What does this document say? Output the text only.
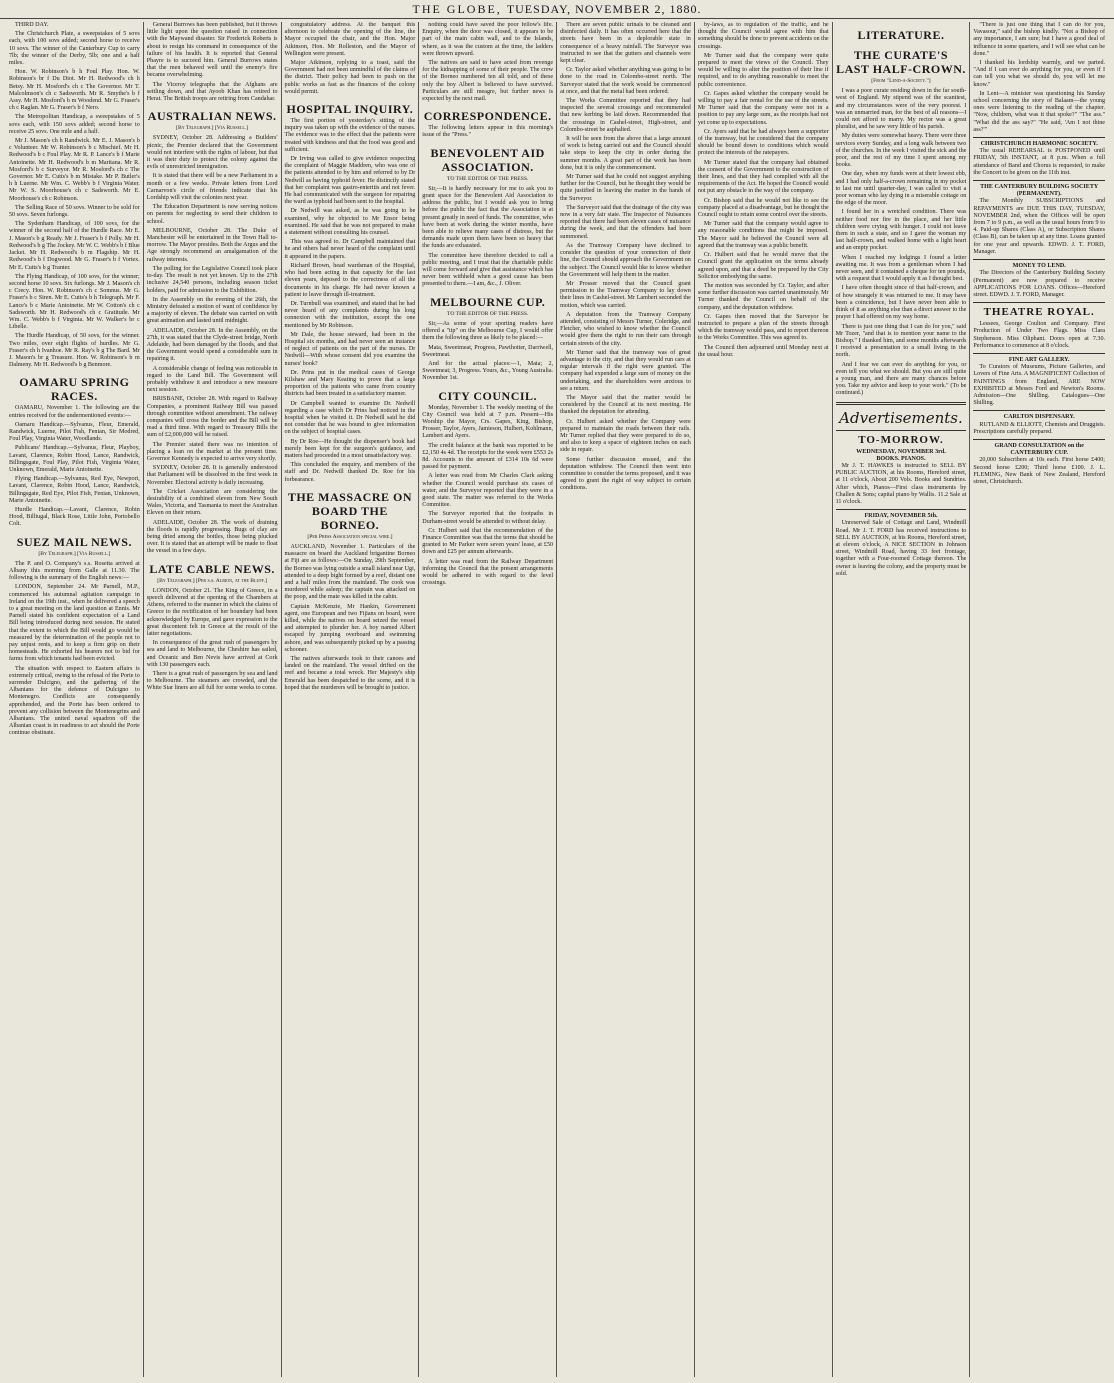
THE GLOBE, TUESDAY, NOVEMBER 2, 1880.

THIRD DAY.

The Christchurch Plate, a sweepstakes of 5 sovs each, with 100 sovs added; second horse to receive 10 sovs. The winner of the Canterbury Cup to carry 7lb; the winner of the Derby, 5lb; one and a half miles.

Hon. W. Robinson's b h Foul Play. Hon. W. Robinson's br f Du Diot. Mr H. Redwood's ch h Betsy. Mr H. Mosford's ch c The Governor. Mr T. Malcolmson's ch c Sadsworth. Mr R. Smythe's b f Assy. Mr H. Mosford's b m Woodend. Mr G. Fraser's ch c Raglan. Mr G. Fraser's b f Nero.

The Metropolitan Handicap, a sweepstakes of 5 sovs each, with 150 sovs added; second horse to receive 25 sovs. One mile and a half.

Mr J. Mason's ch h Randwick. Mr E. J. Mason's b c Volunteer. Mr W. Robinson's b c Mischief. Mr H. Redwood's b c Foul Play. Mr R. P. Lance's b f Marie Antoinette. Mr H. Redwood's b m Maritana. Mr R. Mosford's b c Surveyor. Mr R. Mosford's ch c The Governor. Mr E. Cutts's b m Mistake. Mr P. Butler's h h Luerne. Mr Wm. C. Webb's b f Virginia Water. Mr W. S. Moorhouse's ch c Sadsworth. Mr E. Moorhouse's ch c Robinson.

The Selling Race of 50 sovs. Winner to be sold for 50 sovs. Seven furlongs.

The Sydenham Handicap, of 100 sovs, for the winner of the second half of the Hurdle Race. Mr E. J. Mason's b g Ready. Mr J. Fraser's b f Polly. Mr H. Redwood's b g The Jockey. Mr W. C. Webb's b f Blue Jacket. Mr H. Redwood's b m Flagship. Mr H. Redwood's b f Dogwood. Mr G. Fraser's b f Vortex. Mr E. Cutts's b g Tranter.

The Flying Handicap, of 100 sovs, for the winner; second horse 10 sovs. Six furlongs. Mr J. Mason's ch c Crecy. Hon. W. Robinson's ch c Somnus. Mr G. Fraser's b c Siren. Mr E. Cutts's b h Telegraph. Mr F. Lance's b c Marie Antoinette. Mr W. Cotton's ch c Sadsworth. Mr H. Redwood's ch c Gratitude. Mr Wm. C. Webb's b f Virginia. Mr W. Walker's br c Libelle.

The Hurdle Handicap, of 50 sovs, for the winner. Two miles, over eight flights of hurdles. Mr G. Fraser's ch h Ivanhoe. Mr R. Ray's b g The Bard. Mr J. Mason's br g Treasure. Hon. W. Robinson's b m Dalmeny. Mr H. Redwood's b g Benmore.

OAMARU SPRING RACES.

OAMARU, November 1. The following are the entries received for the undermentioned events:—

Oamaru Handicap.—Sylvanus, Fleur, Emerald, Randwick, Luerne, Pilot Fish, Fenian, Sir Modred, Foul Play, Virginia Water, Woodlands.

Publicans' Handicap.—Sylvanus, Fleur, Playboy, Lavant, Clarence, Robin Hood, Lance, Randwick, Billingsgate, Foul Play, Pilot Fish, Virginia Water, Unknown, Emerald, Marie Antoinette.

Flying Handicap.—Sylvanus, Red Eye, Newport, Lavant, Clarence, Robin Hood, Lance, Randwick, Billingsgate, Red Eye, Pilot Fish, Fenian, Unknown, Marie Antoinette.

Hurdle Handicap.—Lavant, Clarence, Robin Hood, Billiugal, Black Rose, Little John, Portobello Colt.

SUEZ MAIL NEWS.
[By Telegraph.] [Via Russell.]

The P. and O. Company's s.s. Rosetta arrived at Albany this morning from Galle at 11.30. The following is the summary of the English news:—

LONDON, September 24. Mr Parnell, M.P., commenced his autumnal agitation campaign in Ireland on the 19th inst., when he delivered a speech to a great meeting on the land question at Ennis. Mr Parnell stated his confident expectation of a Land Bill being introduced during next session. He stated that the extent to which the Bill would go would be measured by the determination of the people not to pay unjust rents, and to keep a firm grip on their homesteads. He exhorted his hearers not to bid for farms from which tenants had been evicted.

The situation with respect to Eastern affairs is extremely critical, owing to the refusal of the Porte to surrender Dulcigno, and the gathering of the Albanians for the defence of Dulcigno to Montenegro. Conflicts are consequently apprehended, and the Porte has been ordered to prevent any collision between the Montenegrins and Albanians. The united naval squadron off the Albanian coast is in readiness to act should the Porte continue obstinate.

General Burrows has been published, but it throws little light upon the question raised in connection with the Maywand disaster. Sir Frederick Roberts is about to resign his command in consequence of the failure of his health. It is reported that General Phayre is to succeed him. General Burrows states that the men behaved well until the enemy's fire became overwhelming.

The Viceroy telegraphs that the Afghans are settling down, and that Ayoob Khan has retired to Herat. The British troops are retiring from Candahar.

AUSTRALIAN NEWS.
[By Telegraph.] [Via Russell.]

SYDNEY, October 28. Addressing a Builders' picnic, the Premier declared that the Government would not interfere with the rights of labour, but that it was their duty to protect the colony against the evils of unrestricted immigration.

It is stated that there will be a new Parliament in a month or a few weeks. Private letters from Lord Carnarvon's circle of friends indicate that his Lordship will visit the colonies next year.

The Education Department is now serving notices on parents for neglecting to send their children to school.

MELBOURNE, October 28. The Duke of Manchester will be entertained in the Town Hall to-morrow. The Mayor presides. Both the Argus and the Age strongly recommend an amalgamation of the railway interests.

The polling for the Legislative Council took place to-day. The result is not yet known. Up to the 27th inclusive 24,540 persons, including season ticket holders, paid for admission to the Exhibition.

In the Assembly on the evening of the 26th, the Ministry defeated a motion of want of confidence by a majority of eleven. The debate was carried on with great animation and lasted until midnight.

ADELAIDE, October 28. In the Assembly, on the 27th, it was stated that the Clyde-street bridge, North Adelaide, had been damaged by the floods, and that the Government would spend a considerable sum in repairing it.

A considerable change of feeling was noticeable in regard to the Land Bill. The Government will probably withdraw it and introduce a new measure next session.

BRISBANE, October 28. With regard to Railway Companies, a prominent Railway Bill was passed through committee without amendment. The railway companies will cross the border and the Bill will be read a third time. With regard to Treasury Bills the sum of £2,000,000 will be raised.

The Premier stated there was no intention of placing a loan on the market at the present time. Governor Kennedy is expected to arrive very shortly.

SYDNEY, October 28. It is generally understood that Parliament will be dissolved in the first week in November. Electoral activity is daily increasing.

The Cricket Association are considering the desirability of a combined eleven from New South Wales, Victoria, and Tasmania to meet the Australian Eleven on their return.

ADELAIDE, October 28. The work of draining the floods is rapidly progressing. Bugs of clay are being dried among the bottles, those being plucked over. It is stated that an attempt will be made to float the vessel in a few days.

LATE CABLE NEWS.
[By Telegraph.] [Per s.s. Albion, at the Bluff.]

LONDON, October 21. The King of Greece, in a speech delivered at the opening of the Chambers at Athens, referred to the manner in which the claims of Greece to the rectification of her boundary had been acknowledged by Europe, and gave expression to the great discontent felt in Greece at the result of the latter negotiations.

In consequence of the great rush of passengers by sea and land to Melbourne, the Cheshire has sailed, and Oceanic and Ben Nevis have arrived at Cork with 130 passengers each.

There is a great rush of passengers by sea and land to Melbourne. The steamers are crowded, and the White Star liners are all full for some weeks to come.

congratulatory address. At the banquet this afternoon to celebrate the opening of the line, the Mayor occupied the chair, and the Hon. Major Atkinson, Hon. Mr Rolleston, and the Mayor of Wellington were present.

Major Atkinson, replying to a toast, said the Government had not been unmindful of the claims of the district. Their policy had been to push on the public works as fast as the finances of the colony would permit.

HOSPITAL INQUIRY.

The first portion of yesterday's sitting of the inquiry was taken up with the evidence of the nurses. The evidence was to the effect that the patients were treated with kindness and that the food was good and sufficient.

Dr Irving was called to give evidence respecting the complaint of Maggie Maddren, who was one of the patients attended to by him and referred to by Dr Nedwill as having typhoid fever. He distinctly stated that her complaint was gastro-enteritis and not fever. He had communicated with the surgeon for repairing the ward as typhoid had been sent to the hospital.

Dr Nedwill was asked, as he was going to be examined, why he objected to Mr Ensor being examined. He said that he was not prepared to make a statement without consulting his counsel.

This was agreed to. Dr Campbell maintained that he and others had never heard of the complaint until it appeared in the papers.

Richard Brown, head wardsman of the Hospital, who had been acting in that capacity for the last eleven years, deposed to the correctness of all the documents in his charge. He had never known a patient to leave through ill-treatment.

Dr. Turnbull was examined, and stated that he had never heard of any complaints during his long connexion with the institution, except the one mentioned by Mr Robinson.

Mr Dale, the house steward, had been in the Hospital six months, and had never seen an instance of neglect of patients on the part of the nurses. Dr Nedwill—With whose consent did you examine the nurses' book?

Dr. Prins put in the medical cases of George Kilshaw and Mary Keating to prove that a large proportion of the patients who came from country districts had been treated in a satisfactory manner.

Dr Campbell wanted to examine Dr. Nedwill regarding a case which Dr Prins had noticed in the hospital when he visited it. Dr Nedwill said he did not consider that he was bound to give information on the subject of hospital cases.

By Dr Roe—He thought the dispenser's book had merely been kept for the surgeon's guidance, and matters had proceeded in a most unsatisfactory way.

This concluded the enquiry, and members of the staff and Dr. Nedwill thanked Dr. Roe for his forbearance.

THE MASSACRE ON BOARD THE BORNEO.
[Per Press Association special wire.]

AUCKLAND, November 1. Particulars of the massacre on board the Auckland brigantine Borneo at Fiji are as follows:—On Sunday, 29th September, the Borneo was lying outside a small island near Ugi, attended to a deep bight formed by a reef, distant one and a half miles from the mainland. The cook was murdered while asleep; the captain was attacked on the poop, and the mate was killed in the cabin.

Captain McKenzie, Mr Hankin, Government agent, one European and two Fijians on board, were killed, while the natives on board seized the vessel and attempted to plunder her. A boy named Albert escaped by jumping overboard and swimming ashore, and was subsequently picked up by a passing schooner.

The natives afterwards took to their canoes and landed on the mainland. The vessel drifted on the reef and became a total wreck. Her Majesty's ship Emerald has been despatched to the scene, and it is hoped that the murderers will be brought to justice.

nothing could have saved the poor fellow's life. Enquiry, when the door was closed, it appears to be part of the main cabin wall, and to the Islands, where, as it was the custom at the time, the ladders were thrown upward.

The natives are said to have acted from revenge for the kidnapping of some of their people. The crew of the Borneo numbered ten all told, and of these only the boy Albert is believed to have survived. Particulars are still meagre, but further news is expected by the next mail.

CORRESPONDENCE.

The following letters appear in this morning's issue of the "Press."

BENEVOLENT AID ASSOCIATION.
TO THE EDITOR OF THE PRESS.

Sir,—It is hardly necessary for me to ask you to grant space for the Benevolent Aid Association to address the public, but I would ask you to bring before the public the fact that the Association is at present greatly in need of funds. The committee, who have been at work during the winter months, have been able to relieve many cases of distress, but the demands made upon them have been so heavy that the funds are exhausted.

The committee have therefore decided to call a public meeting, and I trust that the charitable public will come forward and give that assistance which has never been withheld when a good cause has been presented to them.—I am, &c., J. Oliver.

MELBOURNE CUP.
TO THE EDITOR OF THE PRESS.

Sir,—As some of your sporting readers have offered a "tip" on the Melbourne Cup, I would offer them the following three as likely to be placed:—

Mata, Sweetmeat, Progress, Pawthotter, Darriwell, Sweetmeat.

And for the actual places:—1, Mata; 2, Sweetmeat; 3, Progress. Yours, &c., Young Australia. November 1st.

CITY COUNCIL.

Monday, November 1. The weekly meeting of the City Council was held at 7 p.m. Present—His Worship the Mayor, Crs. Gapes, King, Bishop, Prosser, Taylor, Ayers, Jamieson, Hulbert, Kohlmann, Lambert and Ayers.

The credit balance at the bank was reported to be £2,150 4s 4d. The receipts for the week were £553 2s 8d. Accounts to the amount of £314 10s 6d were passed for payment.

A letter was read from Mr Charles Clark asking whether the Council would purchase six cases of water, and the Surveyor reported that they were in a good state. The matter was referred to the Works Committee.

The Surveyor reported that the footpaths in Durham-street would be attended to without delay.

Cr. Hulbert said that the recommendation of the Finance Committee was that the terms that should be granted to Mr Parker were seven years' lease, at £50 down and £25 per annum afterwards.

A letter was read from the Railway Department informing the Council that the present arrangements would be adhered to with regard to the level crossings.

There are seven public urinals to be cleaned and disinfected daily. It has often occurred here that the streets have been in a deplorable state in consequence of a heavy rainfall. The Surveyor was instructed to see that the gutters and channels were kept clear.

Cr. Taylor asked whether anything was going to be done to the road in Colombo-street north. The Surveyor stated that the work would be commenced at once, and that the metal had been ordered.

The Works Committee reported that they had inspected the several crossings and recommended that new kerbing be laid down. Recommended that the crossings in Cashel-street, High-street, and Colombo-street be asphalted.

It will be seen from the above that a large amount of work is being carried out and the Council should take steps to keep the city in order during the summer months. A great part of the work has been done, but it is only the commencement.

Mr Turner said that he could not suggest anything further for the Council, but he thought they would be quite justified in leaving the matter in the hands of the Surveyor.

The Surveyor said that the drainage of the city was now in a very fair state. The Inspector of Nuisances reported that there had been eleven cases of nuisance during the week, and that the offenders had been summoned.

As the Tramway Company have declined to consider the question of your connection of their line, the Council should approach the Government on the subject. The Council would like to know whether the Government will help them in the matter.

Mr Prosser moved that the Council grant permission to the Tramway Company to lay down their lines in Cashel-street. Mr Lambert seconded the motion, which was carried.

A deputation from the Tramway Company attended, consisting of Messrs Turner, Coleridge, and Fletcher, who wished to know whether the Council would give them the right to run their cars through certain streets of the city.

Mr Turner said that the tramway was of great advantage to the city, and that they would run cars at regular intervals if the right were granted. The company had expended a large sum of money on the undertaking, and the shareholders were anxious to see a return.

The Mayor said that the matter would be considered by the Council at its next meeting. He thanked the deputation for attending.

Cr. Hulbert asked whether the Company were prepared to maintain the roads between their rails. Mr Turner replied that they were prepared to do so, and also to keep a space of eighteen inches on each side in repair.

Some further discussion ensued, and the deputation withdrew. The Council then went into committee to consider the terms proposed, and it was agreed to grant the right of way subject to certain conditions.

by-laws, as to regulation of the traffic, and he thought the Council would agree with him that something should be done to prevent accidents on the crossings.

Mr Turner said that the company were quite prepared to meet the views of the Council. They would be willing to alter the position of their line if required, and to do anything reasonable to meet the public convenience.

Cr. Gapes asked whether the company would be willing to pay a fair rental for the use of the streets. Mr Turner said that the company were not in a position to pay any large sum, as the receipts had not yet come up to expectations.

Cr. Ayers said that he had always been a supporter of the tramway, but he considered that the company should be bound down to conditions which would protect the interests of the ratepayers.

Mr Turner stated that the company had obtained the consent of the Government to the construction of their lines, and that they had complied with all the requirements of the Act. He hoped the Council would not put any obstacle in the way of the company.

Cr. Bishop said that he would not like to see the company placed at a disadvantage, but he thought the Council ought to retain some control over the streets.

Mr Turner said that the company would agree to any reasonable conditions that might be imposed. The Mayor said he believed the Council were all agreed that the tramway was a public benefit.

Cr. Hulbert said that he would move that the Council grant the application on the terms already agreed upon, and that a deed be prepared by the City Solicitor embodying the same.

The motion was seconded by Cr. Taylor, and after some further discussion was carried unanimously. Mr Turner thanked the Council on behalf of the company, and the deputation withdrew.

Cr. Gapes then moved that the Surveyor be instructed to prepare a plan of the streets through which the tramway would pass, and to report thereon to the Works Committee. This was agreed to.

The Council then adjourned until Monday next at the usual hour.

LITERATURE.
THE CURATE'S LAST HALF-CROWN.
[From "Lend-a-Society."]

I was a poor curate residing down in the far south-west of England. My stipend was of the scantiest, and my circumstances were of the very poorest. I was an unmarried man, for the best of all reasons—I could not afford to marry. My rector was a great pluralist, and he saw very little of his parish.

My duties were somewhat heavy. There were three services every Sunday, and a long walk between two of the churches. In the week I visited the sick and the poor, and the rest of my time I spent among my books.

One day, when my funds were at their lowest ebb, and I had only half-a-crown remaining in my pocket to last me until quarter-day, I was called to visit a poor woman who lay dying in a miserable cottage on the edge of the moor.

I found her in a wretched condition. There was neither food nor fire in the place, and her little children were crying with hunger. I could not leave them in such a state, and so I gave the woman my last half-crown, and walked home with a light heart and an empty pocket.

When I reached my lodgings I found a letter awaiting me. It was from a gentleman whom I had never seen, and it contained a cheque for ten pounds, with a request that I would apply it as I thought best.

I have often thought since of that half-crown, and of how strangely it was returned to me. It may have been a coincidence, but I have never been able to think of it as anything else than a direct answer to the prayer I had offered on my way home.

There is just one thing that I can do for you," said Mr Tozer, "and that is to mention your name to the Bishop." I thanked him, and some months afterwards I received a presentation to a small living in the north.

And I fear we can ever do anything for you, or even tell you what we should. But you are still quite a young man, and there are many chances before you. Take my advice and keep to your work." (To be continued.)

Advertisements.
TO-MORROW.
WEDNESDAY, NOVEMBER 3rd.
BOOKS. PIANOS.

Mr J. T. HAWKES is instructed to SELL BY PUBLIC AUCTION, at his Rooms, Hereford street, at 11 o'clock, About 200 Vols. Books and Sundries. After which, Pianos—First class instruments by Challen & Sons; capital piano by Wallis. 11.2 Sale at 11 o'clock.

FRIDAY, NOVEMBER 5th.

Unreserved Sale of Cottage and Land, Windmill Road. Mr J. T. FORD has received instructions to SELL BY AUCTION, at his Rooms, Hereford street, at eleven o'clock, A NICE SECTION in Johnson street, Windmill Road, having 33 feet frontage, together with a Four-roomed Cottage thereon. The owner is leaving the colony, and the property must be sold.

"There is just one thing that I can do for you, Vavasour," said the bishop kindly. "Not a Bishop of any importance, I am sure; but I have a good deal of influence in some quarters, and I will see what can be done."

I thanked his lordship warmly, and we parted. "And if I can ever do anything for you, or even if I can tell you what we should do, you will let me know."

In Lent—A minister was questioning his Sunday school concerning the story of Balaam—the young ones were listening to the reading of the chapter. "Now, children, what was it that spoke?" "The ass." "What did the ass say?" "He said, 'Am I not thine ass?'"

CHRISTCHURCH HARMONIC SOCIETY.

The usual REHEARSAL is POSTPONED until FRIDAY, 5th INSTANT, at 8 p.m. When a full attendance of Band and Chorus is requested, to make the Concert to be given on the 11th inst.

THE CANTERBURY BUILDING SOCIETY (PERMANENT).

The Monthly SUBSCRIPTIONS and REPAYMENTS are DUE THIS DAY, TUESDAY, NOVEMBER 2nd, when the Offices will be open from 7 to 9 p.m., as well as the usual hours from 9 to 4. Paid-up Shares (Class A), or Subscription Shares (Class B), can be taken up at any time. Loans granted for one year and upwards. EDWD. J. T. FORD, Manager.

MONEY TO LEND.

The Directors of the Canterbury Building Society (Permanent) are now prepared to receive APPLICATIONS FOR LOANS. Offices—Hereford street. EDWD. J. T. FORD, Manager.

THEATRE ROYAL.

Lessees, George Coulton and Company. First Production of Under Two Flags. Miss Clara Stephenson. Miss Oliphant. Doors open at 7.30. Performance to commence at 8 o'clock.

FINE ART GALLERY.

To Curators of Museums, Picture Galleries, and Lovers of Fine Arts. A MAGNIFICENT Collection of PAINTINGS from England, ARE NOW EXHIBITED at Messrs Ford and Newton's Rooms. Admission—One Shilling. Catalogues—One Shilling.

CARLTON DISPENSARY.

RUTLAND & ELLIOTT, Chemists and Druggists. Prescriptions carefully prepared.

GRAND CONSULTATION on the CANTERBURY CUP.

20,000 Subscribers at 10s each. First horse £400; Second horse £200; Third horse £100. J. L. FLEMING, New Bank of New Zealand, Hereford street, Christchurch.
